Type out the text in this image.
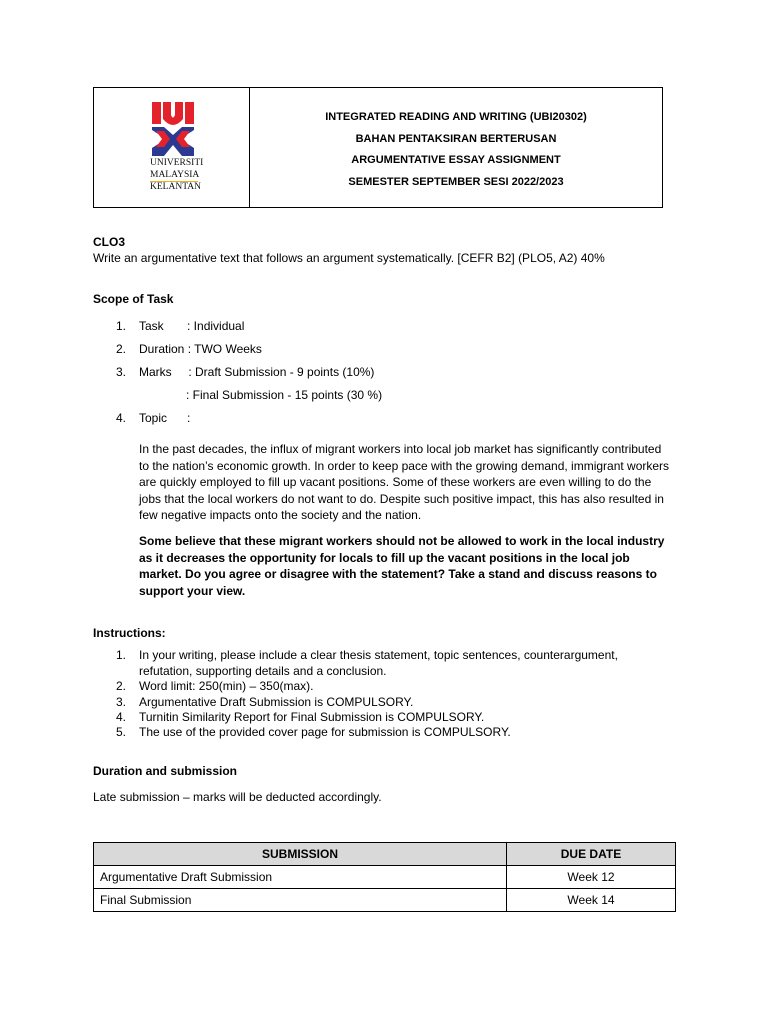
UNIVERSITI
MALAYSIA
KELANTAN
INTEGRATED READING AND WRITING (UBI20302)
BAHAN PENTAKSIRAN BERTERUSAN
ARGUMENTATIVE ESSAY ASSIGNMENT
SEMESTER SEPTEMBER SESI 2022/2023
CLO3
Write an argumentative text that follows an argument systematically. [CEFR B2] (PLO5, A2) 40%
Scope of Task
1. Task       : Individual
2. Duration : TWO Weeks
3. Marks     : Draft Submission - 9 points (10%)
: Final Submission - 15 points (30 %)
4. Topic      :
In the past decades, the influx of migrant workers into local job market has significantly contributed to the nation’s economic growth. In order to keep pace with the growing demand, immigrant workers are quickly employed to fill up vacant positions. Some of these workers are even willing to do the jobs that the local workers do not want to do. Despite such positive impact, this has also resulted in few negative impacts onto the society and the nation.
Some believe that these migrant workers should not be allowed to work in the local industry as it decreases the opportunity for locals to fill up the vacant positions in the local job market. Do you agree or disagree with the statement? Take a stand and discuss reasons to support your view.
Instructions:
1. In your writing, please include a clear thesis statement, topic sentences, counterargument, refutation, supporting details and a conclusion.
2. Word limit: 250(min) – 350(max).
3. Argumentative Draft Submission is COMPULSORY.
4. Turnitin Similarity Report for Final Submission is COMPULSORY.
5. The use of the provided cover page for submission is COMPULSORY.
Duration and submission
Late submission – marks will be deducted accordingly.
SUBMISSION	DUE DATE
Argumentative Draft Submission	Week 12
Final Submission	Week 14
